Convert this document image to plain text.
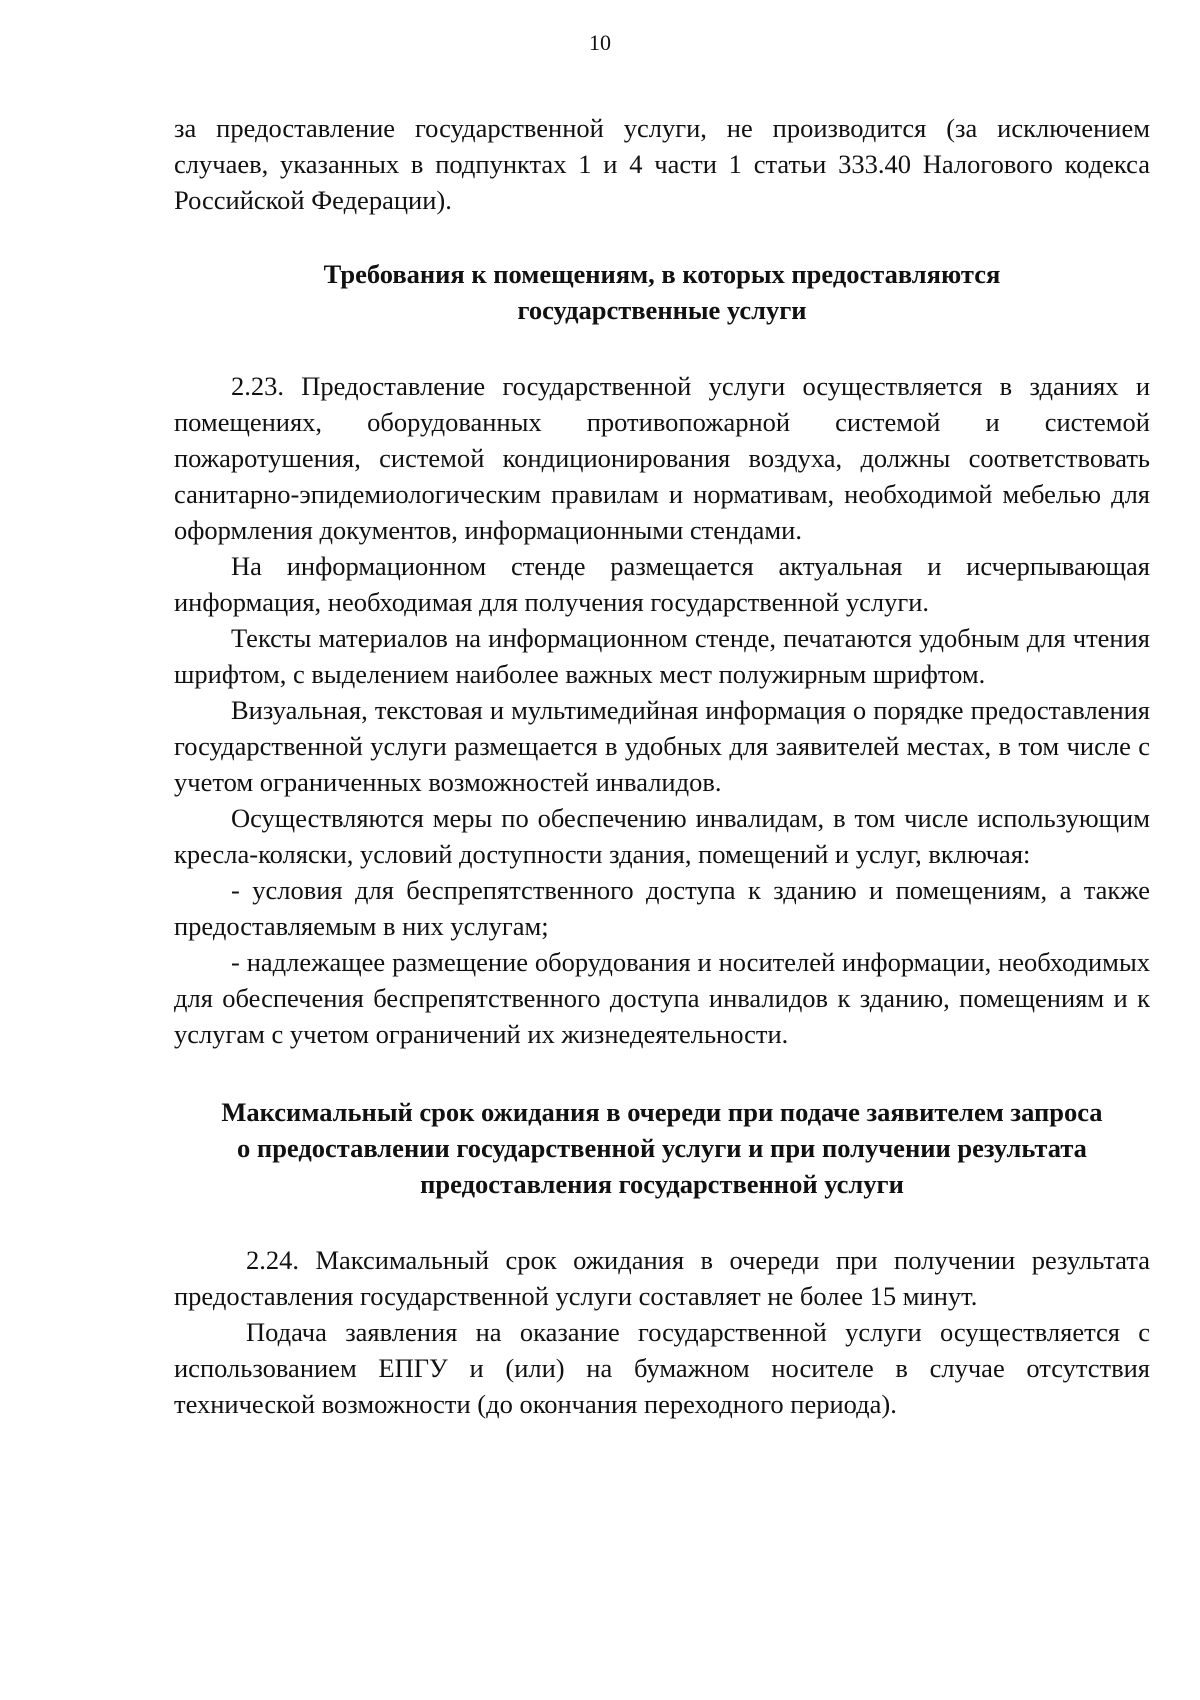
10

за предоставление государственной услуги, не производится (за исключением случаев, указанных в подпунктах 1 и 4 части 1 статьи 333.40 Налогового кодекса Российской Федерации).

Требования к помещениям, в которых предоставляются
государственные услуги

2.23. Предоставление государственной услуги осуществляется в зданиях и помещениях, оборудованных противопожарной системой и системой пожаротушения, системой кондиционирования воздуха, должны соответствовать санитарно-эпидемиологическим правилам и нормативам, необходимой мебелью для оформления документов, информационными стендами.

На информационном стенде размещается актуальная и исчерпывающая информация, необходимая для получения государственной услуги.

Тексты материалов на информационном стенде, печатаются удобным для чтения шрифтом, с выделением наиболее важных мест полужирным шрифтом.

Визуальная, текстовая и мультимедийная информация о порядке предоставления государственной услуги размещается в удобных для заявителей местах, в том числе с учетом ограниченных возможностей инвалидов.

Осуществляются меры по обеспечению инвалидам, в том числе использующим кресла-коляски, условий доступности здания, помещений и услуг, включая:

- условия для беспрепятственного доступа к зданию и помещениям, а также предоставляемым в них услугам;

- надлежащее размещение оборудования и носителей информации, необходимых для обеспечения беспрепятственного доступа инвалидов к зданию, помещениям и к услугам с учетом ограничений их жизнедеятельности.

Максимальный срок ожидания в очереди при подаче заявителем запроса
о предоставлении государственной услуги и при получении результата
предоставления государственной услуги

2.24. Максимальный срок ожидания в очереди при получении результата предоставления государственной услуги составляет не более 15 минут.

Подача заявления на оказание государственной услуги осуществляется с использованием ЕПГУ и (или) на бумажном носителе в случае отсутствия технической возможности (до окончания переходного периода).
